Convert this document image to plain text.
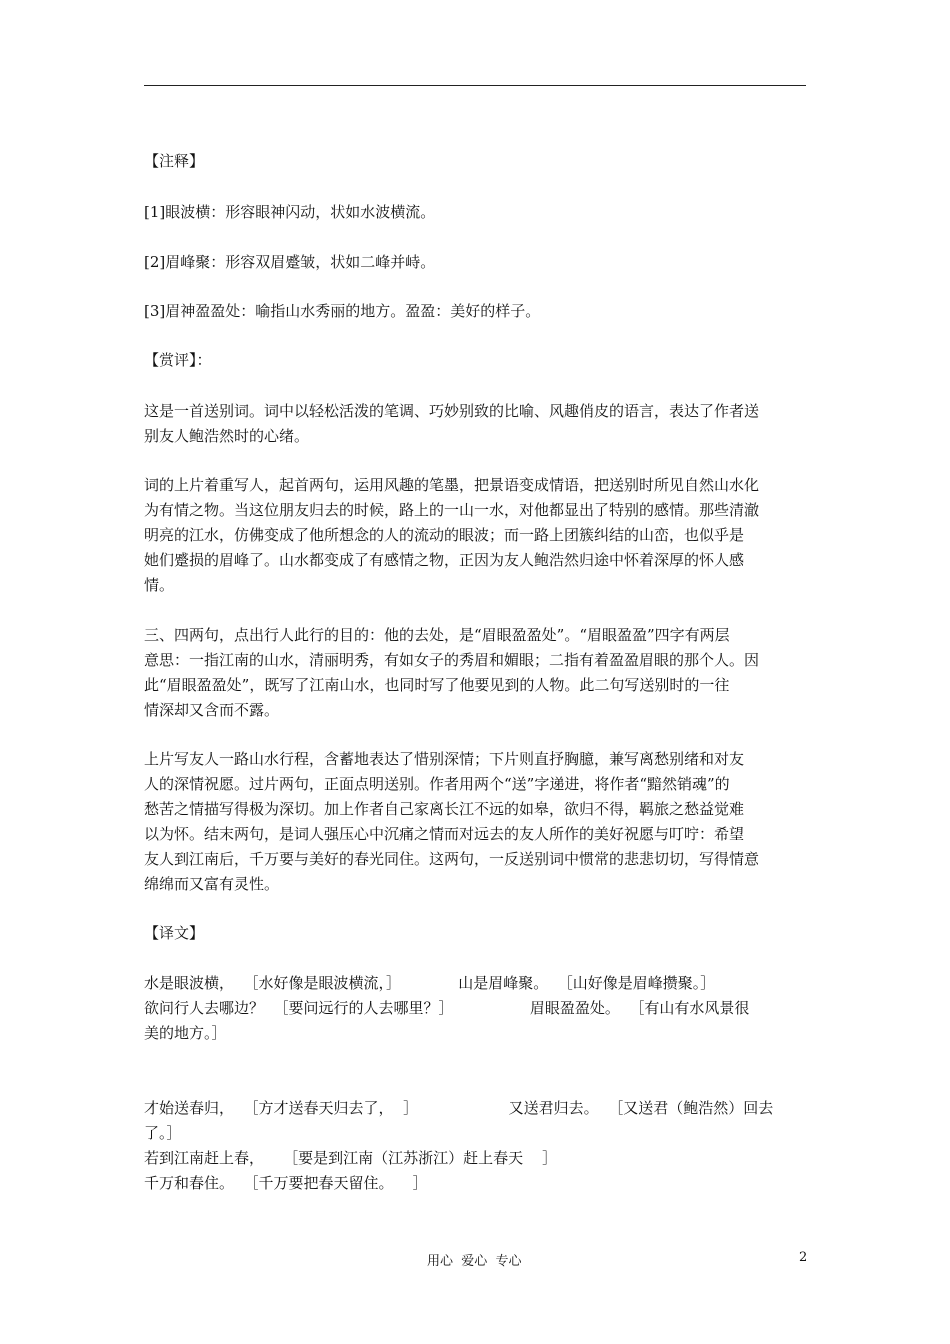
【注释】
[1]眼波横：形容眼神闪动，状如水波横流。
[2]眉峰聚：形容双眉蹙皱，状如二峰并峙。
[3]眉神盈盈处：喻指山水秀丽的地方。盈盈：美好的样子。
【赏评】：
这是一首送别词。词中以轻松活泼的笔调、巧妙别致的比喻、风趣俏皮的语言，表达了作者送
别友人鲍浩然时的心绪。
词的上片着重写人，起首两句，运用风趣的笔墨，把景语变成情语，把送别时所见自然山水化
为有情之物。当这位朋友归去的时候，路上的一山一水，对他都显出了特别的感情。那些清澈
明亮的江水，仿佛变成了他所想念的人的流动的眼波；而一路上团簇纠结的山峦，也似乎是
她们蹙损的眉峰了。山水都变成了有感情之物，正因为友人鲍浩然归途中怀着深厚的怀人感
情。
三、四两句，点出行人此行的目的：他的去处，是“眉眼盈盈处”。“眉眼盈盈”四字有两层
意思：一指江南的山水，清丽明秀，有如女子的秀眉和媚眼；二指有着盈盈眉眼的那个人。因
此“眉眼盈盈处”，既写了江南山水，也同时写了他要见到的人物。此二句写送别时的一往
情深却又含而不露。
上片写友人一路山水行程，含蓄地表达了惜别深情；下片则直抒胸臆，兼写离愁别绪和对友
人的深情祝愿。过片两句，正面点明送别。作者用两个“送”字递进，将作者“黯然销魂”的
愁苦之情描写得极为深切。加上作者自己家离长江不远的如皋，欲归不得，羁旅之愁益觉难
以为怀。结末两句，是词人强压心中沉痛之情而对远去的友人所作的美好祝愿与叮咛：希望
友人到江南后，千万要与美好的春光同住。这两句，一反送别词中惯常的悲悲切切，写得情意
绵绵而又富有灵性。
【译文】
水是眼波横，  ［水好像是眼波横流，］            山是眉峰聚。  ［山好像是眉峰攒聚。］
欲问行人去哪边？  ［要问远行的人去哪里？］                眉眼盈盈处。  ［有山有水风景很
美的地方。］
才始送春归，  ［方才送春天归去了，  ］                   又送君归去。  ［又送君（鲍浩然）回去
了。］
若到江南赶上春，    ［要是到江南（江苏浙江）赶上春天    ］
千万和春住。  ［千万要把春天留住。    ］
用心  爱心  专心	2
